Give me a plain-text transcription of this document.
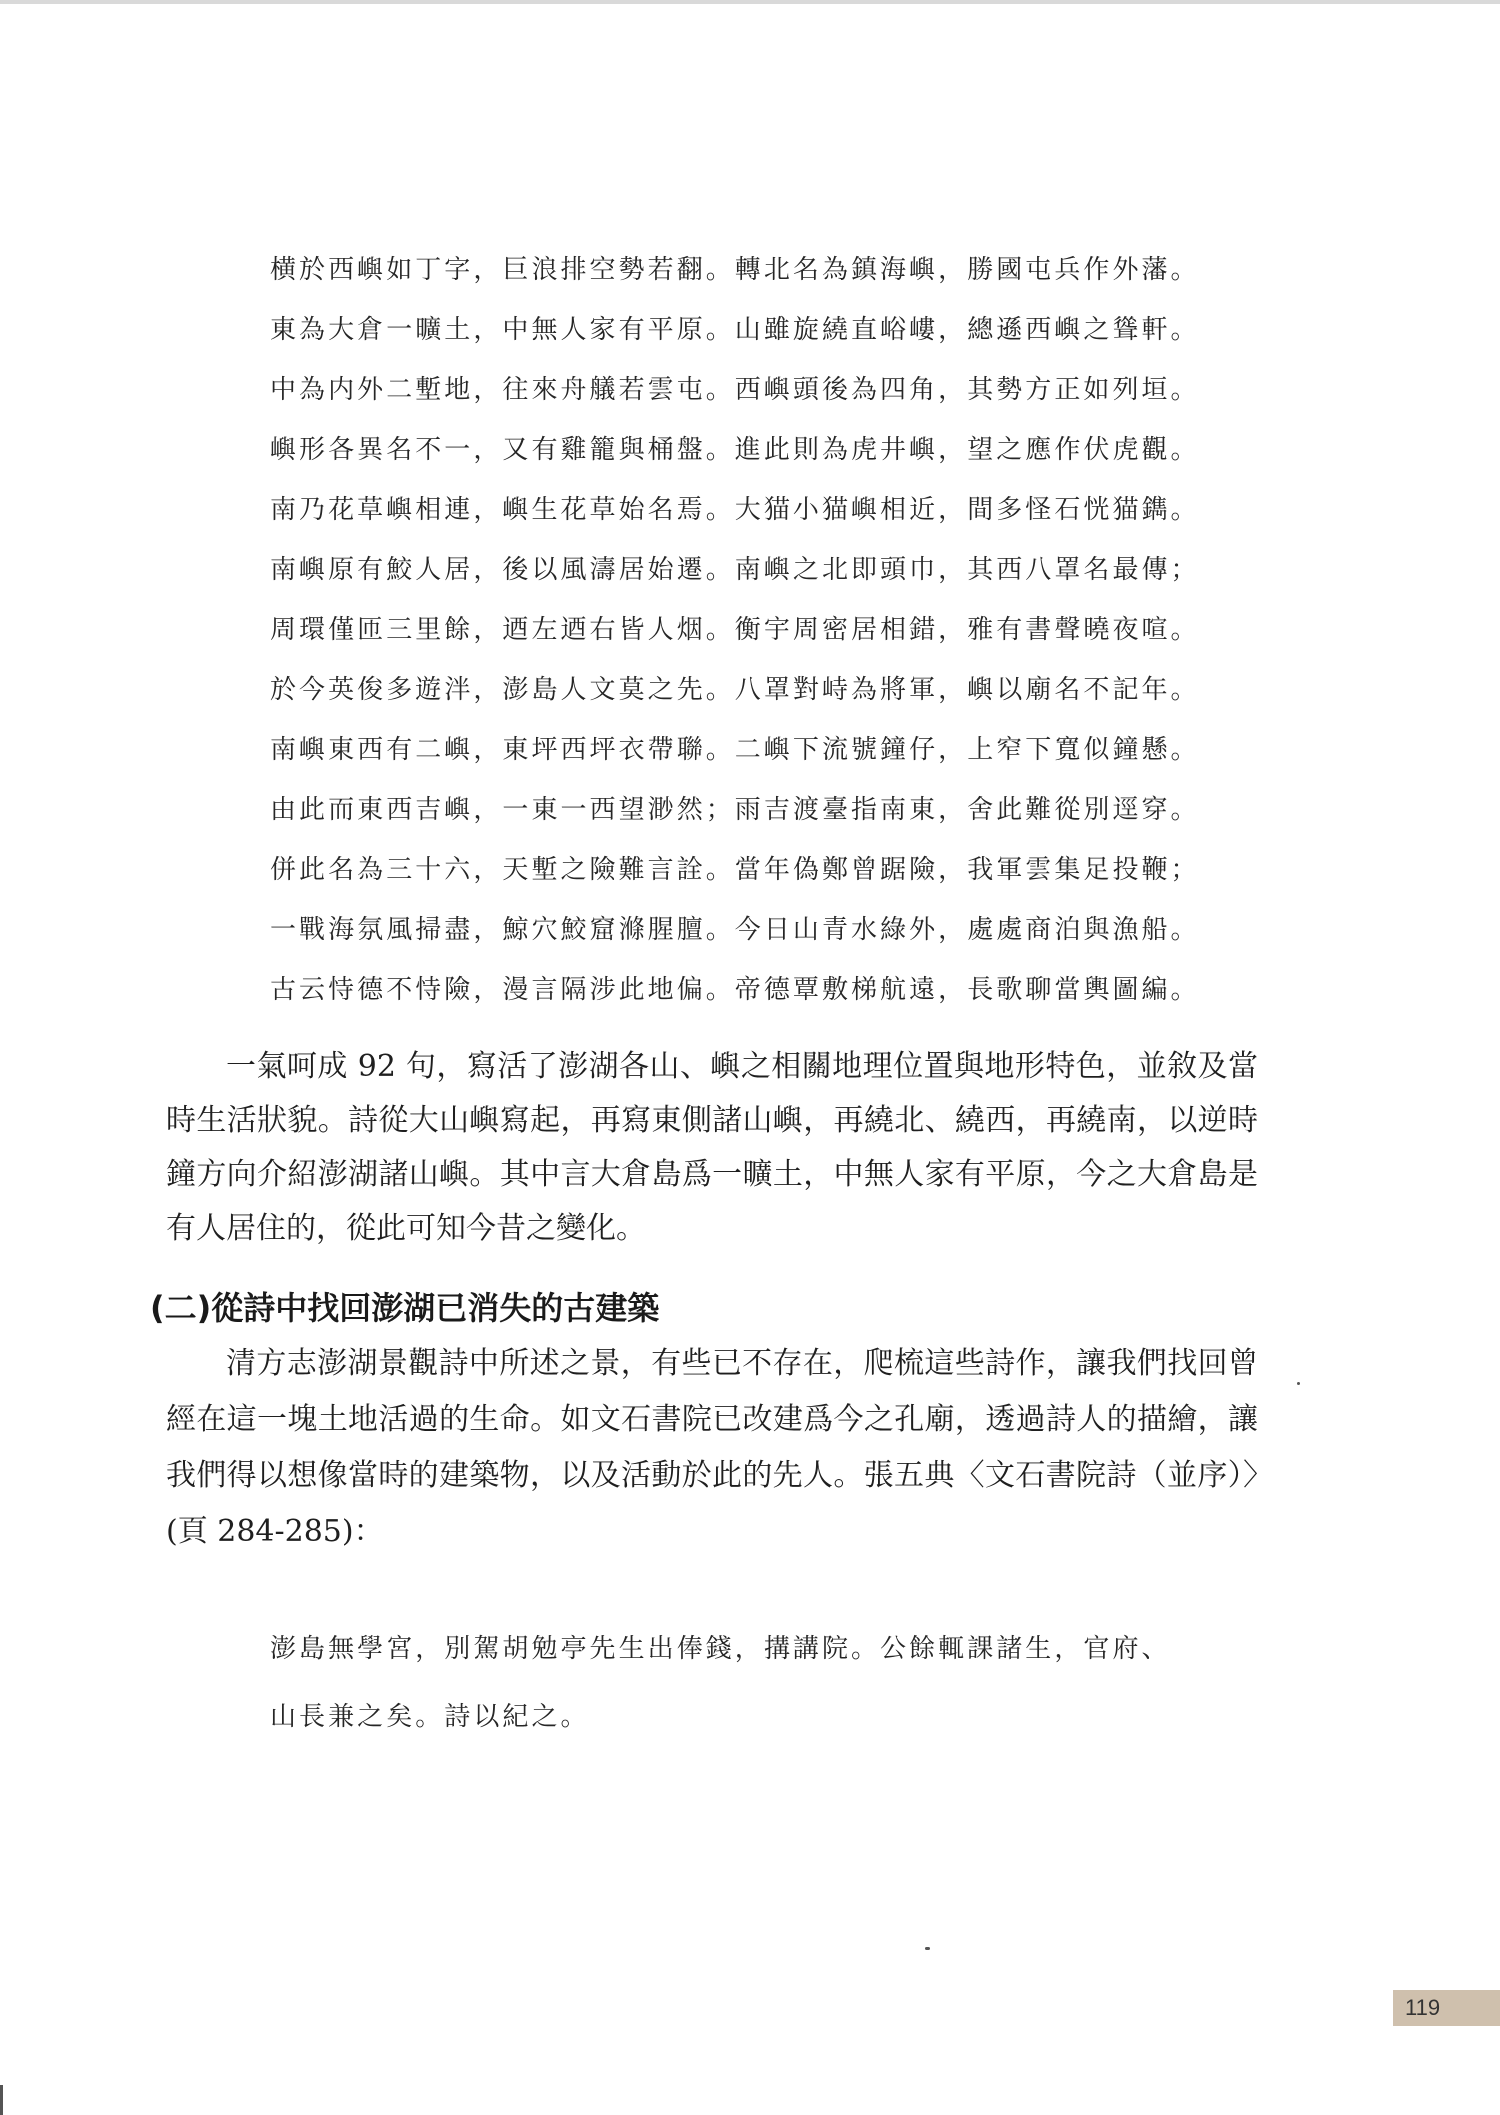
横於西嶼如丁字，巨浪排空勢若翻。轉北名為鎮海嶼，勝國屯兵作外藩。
東為大倉一曠土，中無人家有平原。山雖旋繞直峪嶁，總遜西嶼之聳軒。
中為内外二塹地，往來舟艤若雲屯。西嶼頭後為四角，其勢方正如列垣。
嶼形各異名不一，又有雞籠與桶盤。進此則為虎井嶼，望之應作伏虎觀。
南乃花草嶼相連，嶼生花草始名焉。大猫小猫嶼相近，間多怪石恍猫鐫。
南嶼原有鮫人居，後以風濤居始遷。南嶼之北即頭巾，其西八罩名最傳；
周環僅匝三里餘，迺左迺右皆人烟。衡宇周密居相錯，雅有書聲曉夜喧。
於今英俊多遊泮，澎島人文莫之先。八罩對峙為將軍，嶼以廟名不記年。
南嶼東西有二嶼，東坪西坪衣帶聯。二嶼下流號鐘仔，上窄下寬似鐘懸。
由此而東西吉嶼，一東一西望渺然；雨吉渡臺指南東，舍此難從別逕穿。
併此名為三十六，天塹之險難言詮。當年偽鄭曾踞險，我軍雲集足投鞭；
一戰海氛風掃盡，鯨穴鮫窟滌腥膻。今日山青水綠外，處處商泊與漁船。
古云恃德不恃險，漫言隔涉此地偏。帝德覃敷梯航遠，長歌聊當輿圖編。

一氣呵成 92 句，寫活了澎湖各山、嶼之相關地理位置與地形特色，並敘及當時生活狀貌。詩從大山嶼寫起，再寫東側諸山嶼，再繞北、繞西，再繞南，以逆時鐘方向介紹澎湖諸山嶼。其中言大倉島爲一曠土，中無人家有平原，今之大倉島是有人居住的，從此可知今昔之變化。

(二)從詩中找回澎湖已消失的古建築

清方志澎湖景觀詩中所述之景，有些已不存在，爬梳這些詩作，讓我們找回曾經在這一塊土地活過的生命。如文石書院已改建爲今之孔廟，透過詩人的描繪，讓我們得以想像當時的建築物，以及活動於此的先人。張五典〈文石書院詩（並序）〉(頁 284-285)：

澎島無學宮，別駕胡勉亭先生出俸錢，搆講院。公餘輒課諸生，官府、
山長兼之矣。詩以紀之。
119
